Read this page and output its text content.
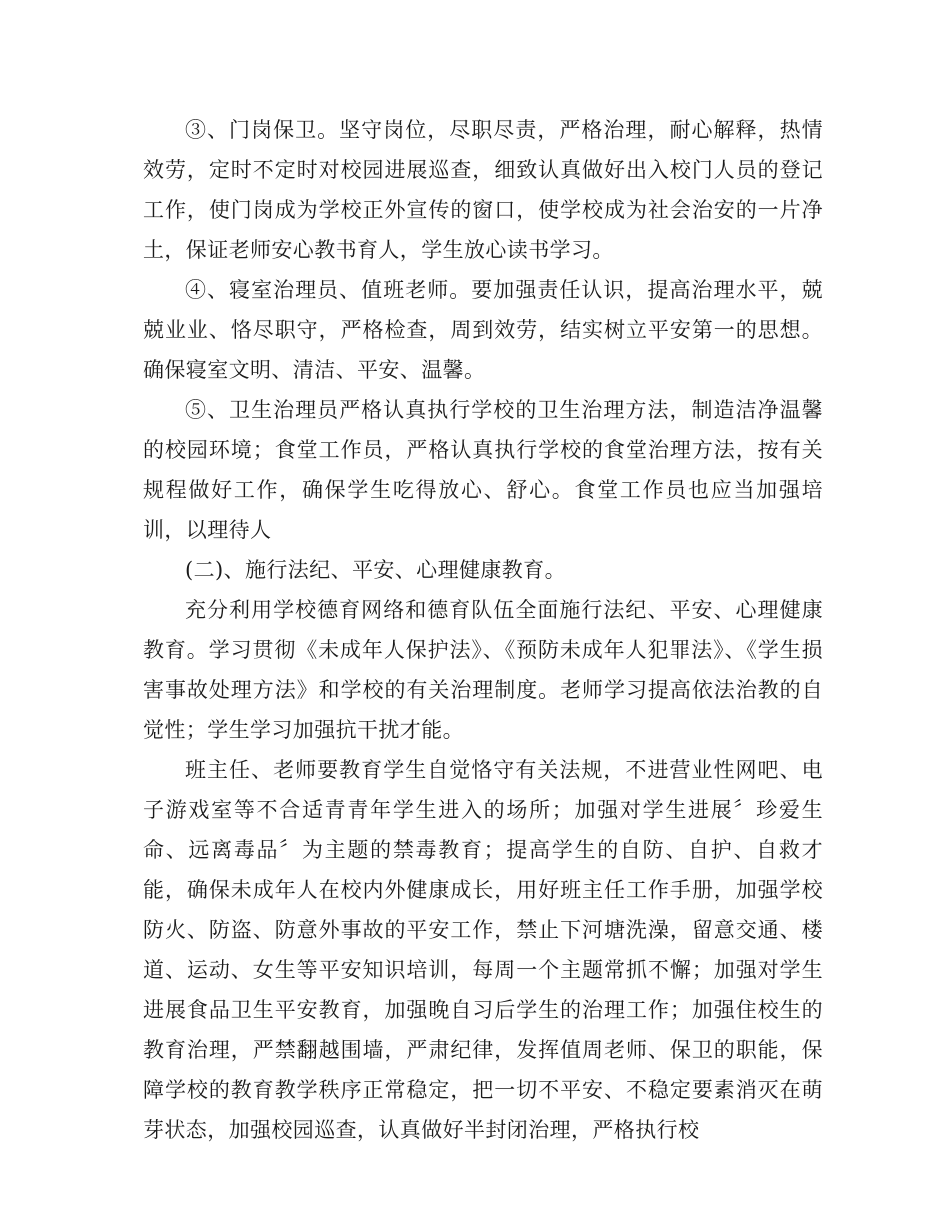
③、门岗保卫。坚守岗位，尽职尽责，严格治理，耐心解释，热情效劳，定时不定时对校园进展巡查，细致认真做好出入校门人员的登记工作，使门岗成为学校正外宣传的窗口，使学校成为社会治安的一片净土，保证老师安心教书育人，学生放心读书学习。

④、寝室治理员、值班老师。要加强责任认识，提高治理水平，兢兢业业、恪尽职守，严格检查，周到效劳，结实树立平安第一的思想。确保寝室文明、清洁、平安、温馨。

⑤、卫生治理员严格认真执行学校的卫生治理方法，制造洁净温馨的校园环境；食堂工作员，严格认真执行学校的食堂治理方法，按有关规程做好工作，确保学生吃得放心、舒心。食堂工作员也应当加强培训，以理待人

(二)、施行法纪、平安、心理健康教育。

充分利用学校德育网络和德育队伍全面施行法纪、平安、心理健康教育。学习贯彻《未成年人保护法》、《预防未成年人犯罪法》、《学生损害事故处理方法》和学校的有关治理制度。老师学习提高依法治教的自觉性；学生学习加强抗干扰才能。

班主任、老师要教育学生自觉恪守有关法规，不进营业性网吧、电子游戏室等不合适青青年学生进入的场所；加强对学生进展〞珍爱生命、远离毒品〞为主题的禁毒教育；提高学生的自防、自护、自救才能，确保未成年人在校内外健康成长，用好班主任工作手册，加强学校防火、防盗、防意外事故的平安工作，禁止下河塘洗澡，留意交通、楼道、运动、女生等平安知识培训，每周一个主题常抓不懈；加强对学生进展食品卫生平安教育，加强晚自习后学生的治理工作；加强住校生的教育治理，严禁翻越围墙，严肃纪律，发挥值周老师、保卫的职能，保障学校的教育教学秩序正常稳定，把一切不平安、不稳定要素消灭在萌芽状态，加强校园巡查，认真做好半封闭治理，严格执行校
